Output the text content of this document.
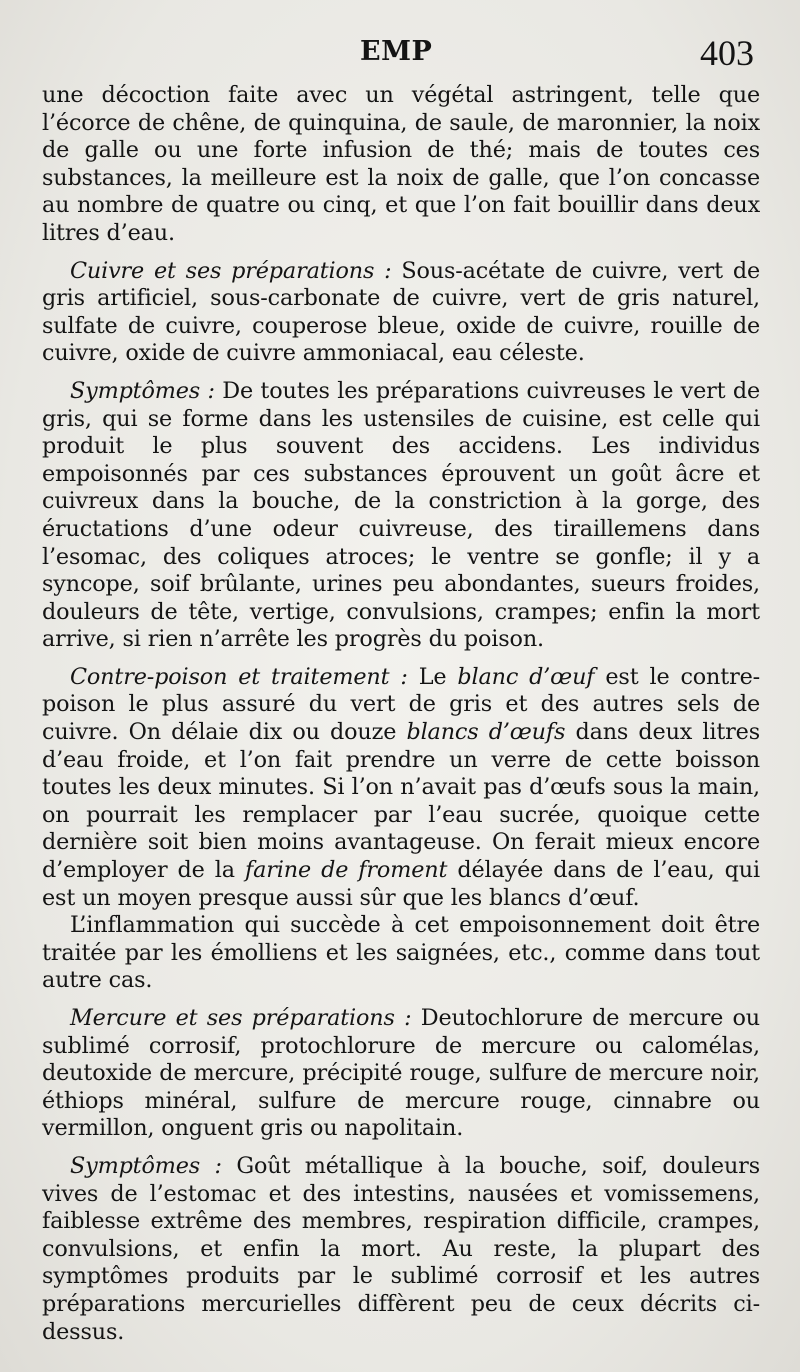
EMP	403

une décoction faite avec un végétal astringent, telle que l’écorce de chêne, de quinquina, de saule, de maronnier, la noix de galle ou une forte infusion de thé; mais de toutes ces substances, la meilleure est la noix de galle, que l’on concasse au nombre de quatre ou cinq, et que l’on fait bouillir dans deux litres d’eau.

Cuivre et ses préparations : Sous-acétate de cuivre, vert de gris artificiel, sous-carbonate de cuivre, vert de gris naturel, sulfate de cuivre, couperose bleue, oxide de cuivre, rouille de cuivre, oxide de cuivre ammoniacal, eau céleste.

Symptômes : De toutes les préparations cuivreuses le vert de gris, qui se forme dans les ustensiles de cuisine, est celle qui produit le plus souvent des accidens. Les individus empoisonnés par ces substances éprouvent un goût âcre et cuivreux dans la bouche, de la constriction à la gorge, des éructations d’une odeur cuivreuse, des tiraillemens dans l’esomac, des coliques atroces; le ventre se gonfle; il y a syncope, soif brûlante, urines peu abondantes, sueurs froides, douleurs de tête, vertige, convulsions, crampes; enfin la mort arrive, si rien n’arrête les progrès du poison.

Contre-poison et traitement : Le blanc d’œuf est le contre-poison le plus assuré du vert de gris et des autres sels de cuivre. On délaie dix ou douze blancs d’œufs dans deux litres d’eau froide, et l’on fait prendre un verre de cette boisson toutes les deux minutes. Si l’on n’avait pas d’œufs sous la main, on pourrait les remplacer par l’eau sucrée, quoique cette dernière soit bien moins avantageuse. On ferait mieux encore d’employer de la farine de froment délayée dans de l’eau, qui est un moyen presque aussi sûr que les blancs d’œuf.

L’inflammation qui succède à cet empoisonnement doit être traitée par les émolliens et les saignées, etc., comme dans tout autre cas.

Mercure et ses préparations : Deutochlorure de mercure ou sublimé corrosif, protochlorure de mercure ou calomélas, deutoxide de mercure, précipité rouge, sulfure de mercure noir, éthiops minéral, sulfure de mercure rouge, cinnabre ou vermillon, onguent gris ou napolitain.

Symptômes : Goût métallique à la bouche, soif, douleurs vives de l’estomac et des intestins, nausées et vomissemens, faiblesse extrême des membres, respiration difficile, crampes, convulsions, et enfin la mort. Au reste, la plupart des symptômes produits par le sublimé corrosif et les autres préparations mercurielles diffèrent peu de ceux décrits ci-dessus.
